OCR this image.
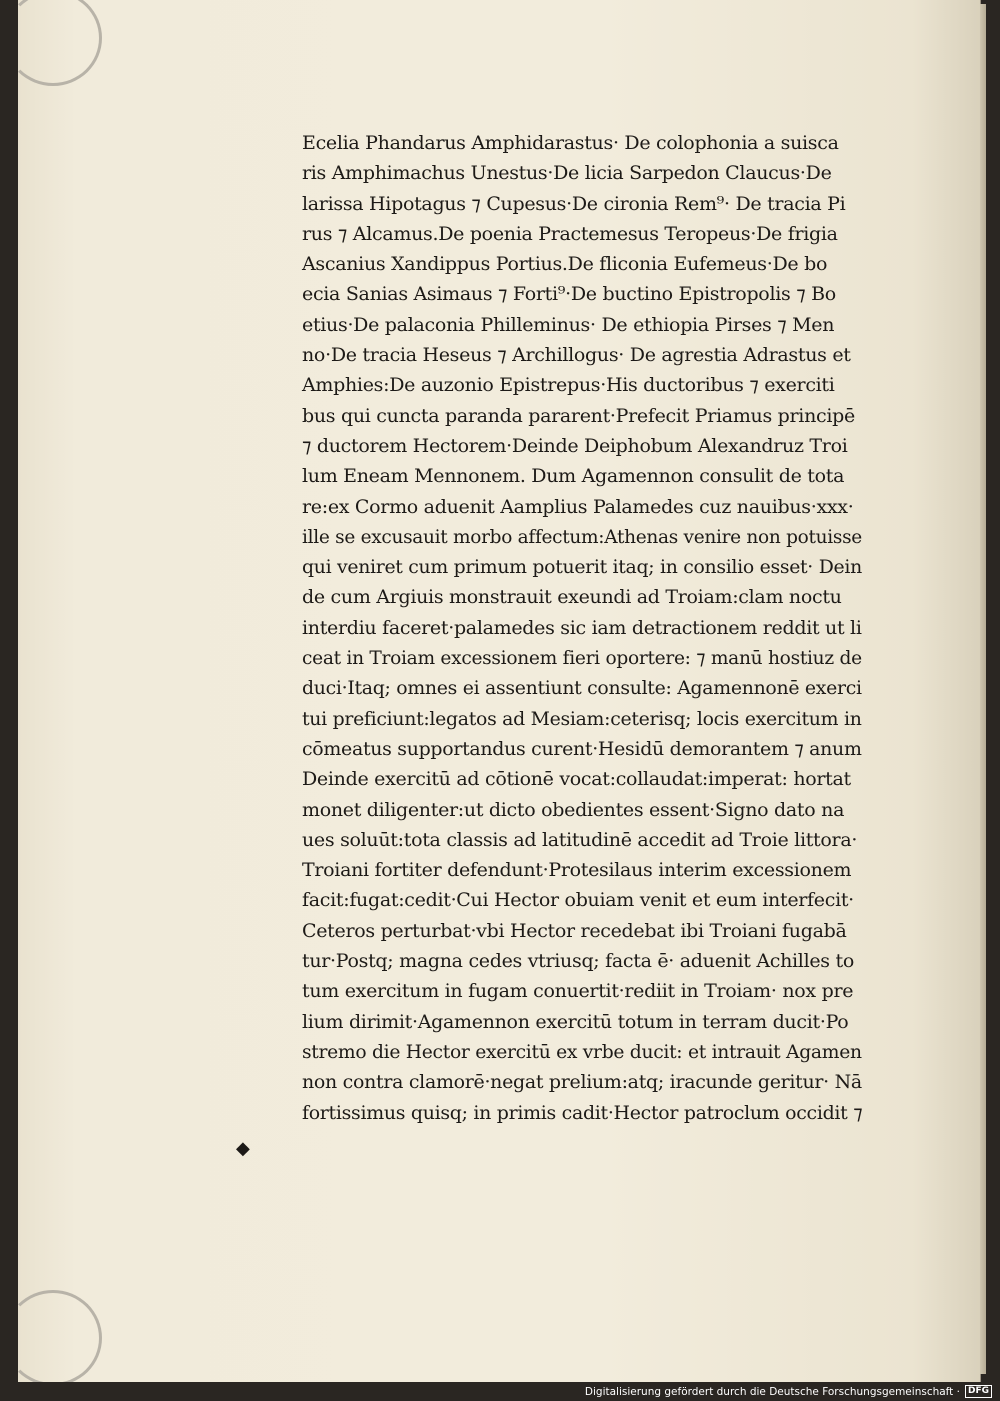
Ecelia Phandarus Amphidarastus· De colophonia a suisca
ris Amphimachus Unestus·De licia Sarpedon Claucus·De
larissa Hipotagus ⁊ Cupesus·De cironia Rem⁹· De tracia Pi
rus ⁊ Alcamus.De poenia Practemesus Teropeus·De frigia
Ascanius Xandippus Portius.De fliconia Eufemeus·De bo
ecia Sanias Asimaus ⁊ Forti⁹·De buctino Epistropolis ⁊ Bo
etius·De palaconia Philleminus· De ethiopia Pirses ⁊ Men
no·De tracia Heseus ⁊ Archillogus· De agrestia Adrastus et
Amphies:De auzonio Epistrepus·His ductoribus ⁊ exerciti
bus qui cuncta paranda pararent·Prefecit Priamus principē
⁊ ductorem Hectorem·Deinde Deiphobum Alexandruz Troi
lum Eneam Mennonem. Dum Agamennon consulit de tota
re:ex Cormo aduenit Aamplius Palamedes cuz nauibus·xxx·
ille se excusauit morbo affectum:Athenas venire non potuisse
qui veniret cum primum potuerit itaq; in consilio esset· Dein
de cum Argiuis monstrauit exeundi ad Troiam:clam noctu
interdiu faceret·palamedes sic iam detractionem reddit ut li
ceat in Troiam excessionem fieri oportere: ⁊ manū hostiuz de
duci·Itaq; omnes ei assentiunt consulte: Agamennonē exerci
tui preficiunt:legatos ad Mesiam:ceterisq; locis exercitum in
cōmeatus supportandus curent·Hesidū demorantem ⁊ anum
Deinde exercitū ad cōtionē vocat:collaudat:imperat: hortat
monet diligenter:ut dicto obedientes essent·Signo dato na
ues soluūt:tota classis ad latitudinē accedit ad Troie littora·
Troiani fortiter defendunt·Protesilaus interim excessionem
facit:fugat:cedit·Cui Hector obuiam venit et eum interfecit·
Ceteros perturbat·vbi Hector recedebat ibi Troiani fugabā
tur·Postq; magna cedes vtriusq; facta ē· aduenit Achilles to
tum exercitum in fugam conuertit·rediit in Troiam· nox pre
lium dirimit·Agamennon exercitū totum in terram ducit·Po
stremo die Hector exercitū ex vrbe ducit: et intrauit Agamen
non contra clamorē·negat prelium:atq; iracunde geritur· Nā
fortissimus quisq; in primis cadit·Hector patroclum occidit ⁊
◆
Digitalisierung gefördert durch die Deutsche Forschungsgemeinschaft · DFG
